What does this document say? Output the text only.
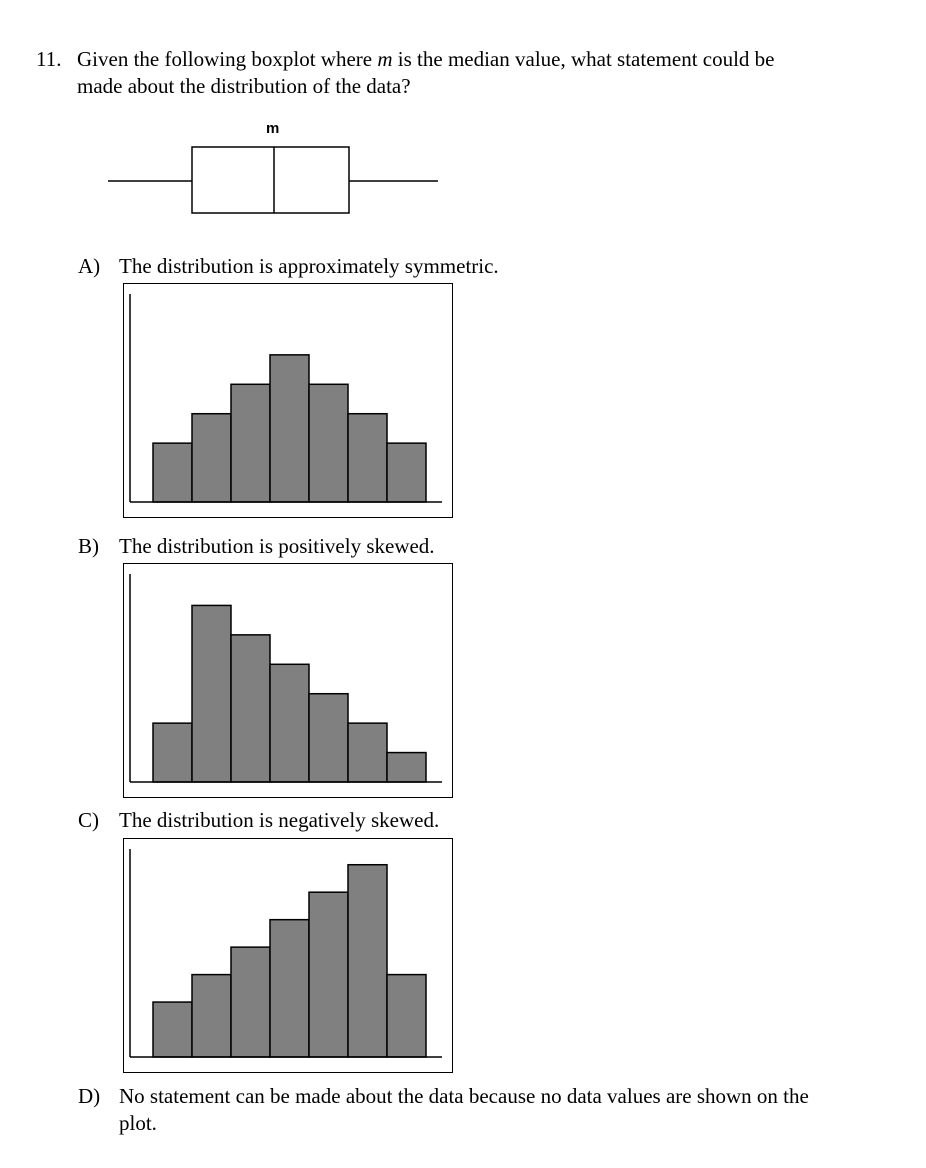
11. Given the following boxplot where m is the median value, what statement could be
made about the distribution of the data?
m
A) The distribution is approximately symmetric.
B) The distribution is positively skewed.
C) The distribution is negatively skewed.
D) No statement can be made about the data because no data values are shown on the
plot.
